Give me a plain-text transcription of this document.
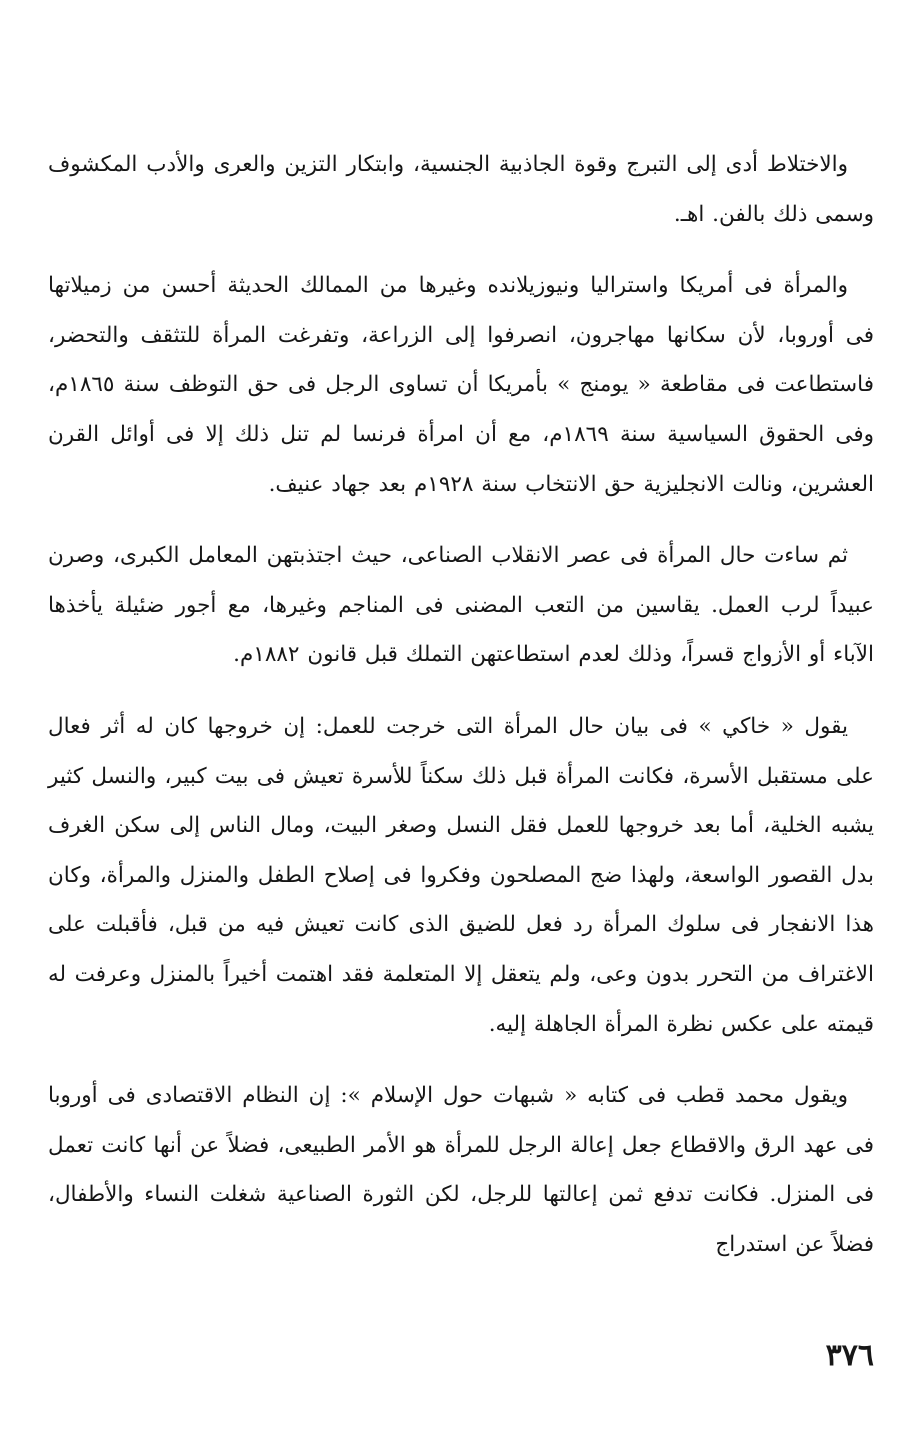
والاختلاط أدى إلى التبرج وقوة الجاذبية الجنسية، وابتكار التزين والعرى والأدب المكشوف وسمى ذلك بالفن. اهـ.

والمرأة فى أمريكا واستراليا ونيوزيلانده وغيرها من الممالك الحديثة أحسن من زميلاتها فى أوروبا، لأن سكانها مهاجرون، انصرفوا إلى الزراعة، وتفرغت المرأة للتثقف والتحضر، فاستطاعت فى مقاطعة « يومنج » بأمريكا أن تساوى الرجل فى حق التوظف سنة ١٨٦٥م، وفى الحقوق السياسية سنة ١٨٦٩م، مع أن امرأة فرنسا لم تنل ذلك إلا فى أوائل القرن العشرين، ونالت الانجليزية حق الانتخاب سنة ١٩٢٨م بعد جهاد عنيف.

ثم ساءت حال المرأة فى عصر الانقلاب الصناعى، حيث اجتذبتهن المعامل الكبرى، وصرن عبيداً لرب العمل. يقاسين من التعب المضنى فى المناجم وغيرها، مع أجور ضئيلة يأخذها الآباء أو الأزواج قسراً، وذلك لعدم استطاعتهن التملك قبل قانون ١٨٨٢م.

يقول « خاكي » فى بيان حال المرأة التى خرجت للعمل: إن خروجها كان له أثر فعال على مستقبل الأسرة، فكانت المرأة قبل ذلك سكناً للأسرة تعيش فى بيت كبير، والنسل كثير يشبه الخلية، أما بعد خروجها للعمل فقل النسل وصغر البيت، ومال الناس إلى سكن الغرف بدل القصور الواسعة، ولهذا ضج المصلحون وفكروا فى إصلاح الطفل والمنزل والمرأة، وكان هذا الانفجار فى سلوك المرأة رد فعل للضيق الذى كانت تعيش فيه من قبل، فأقبلت على الاغتراف من التحرر بدون وعى، ولم يتعقل إلا المتعلمة فقد اهتمت أخيراً بالمنزل وعرفت له قيمته على عكس نظرة المرأة الجاهلة إليه.

ويقول محمد قطب فى كتابه « شبهات حول الإسلام »: إن النظام الاقتصادى فى أوروبا فى عهد الرق والاقطاع جعل إعالة الرجل للمرأة هو الأمر الطبيعى، فضلاً عن أنها كانت تعمل فى المنزل. فكانت تدفع ثمن إعالتها للرجل، لكن الثورة الصناعية شغلت النساء والأطفال، فضلاً عن استدراج

٣٧٦
